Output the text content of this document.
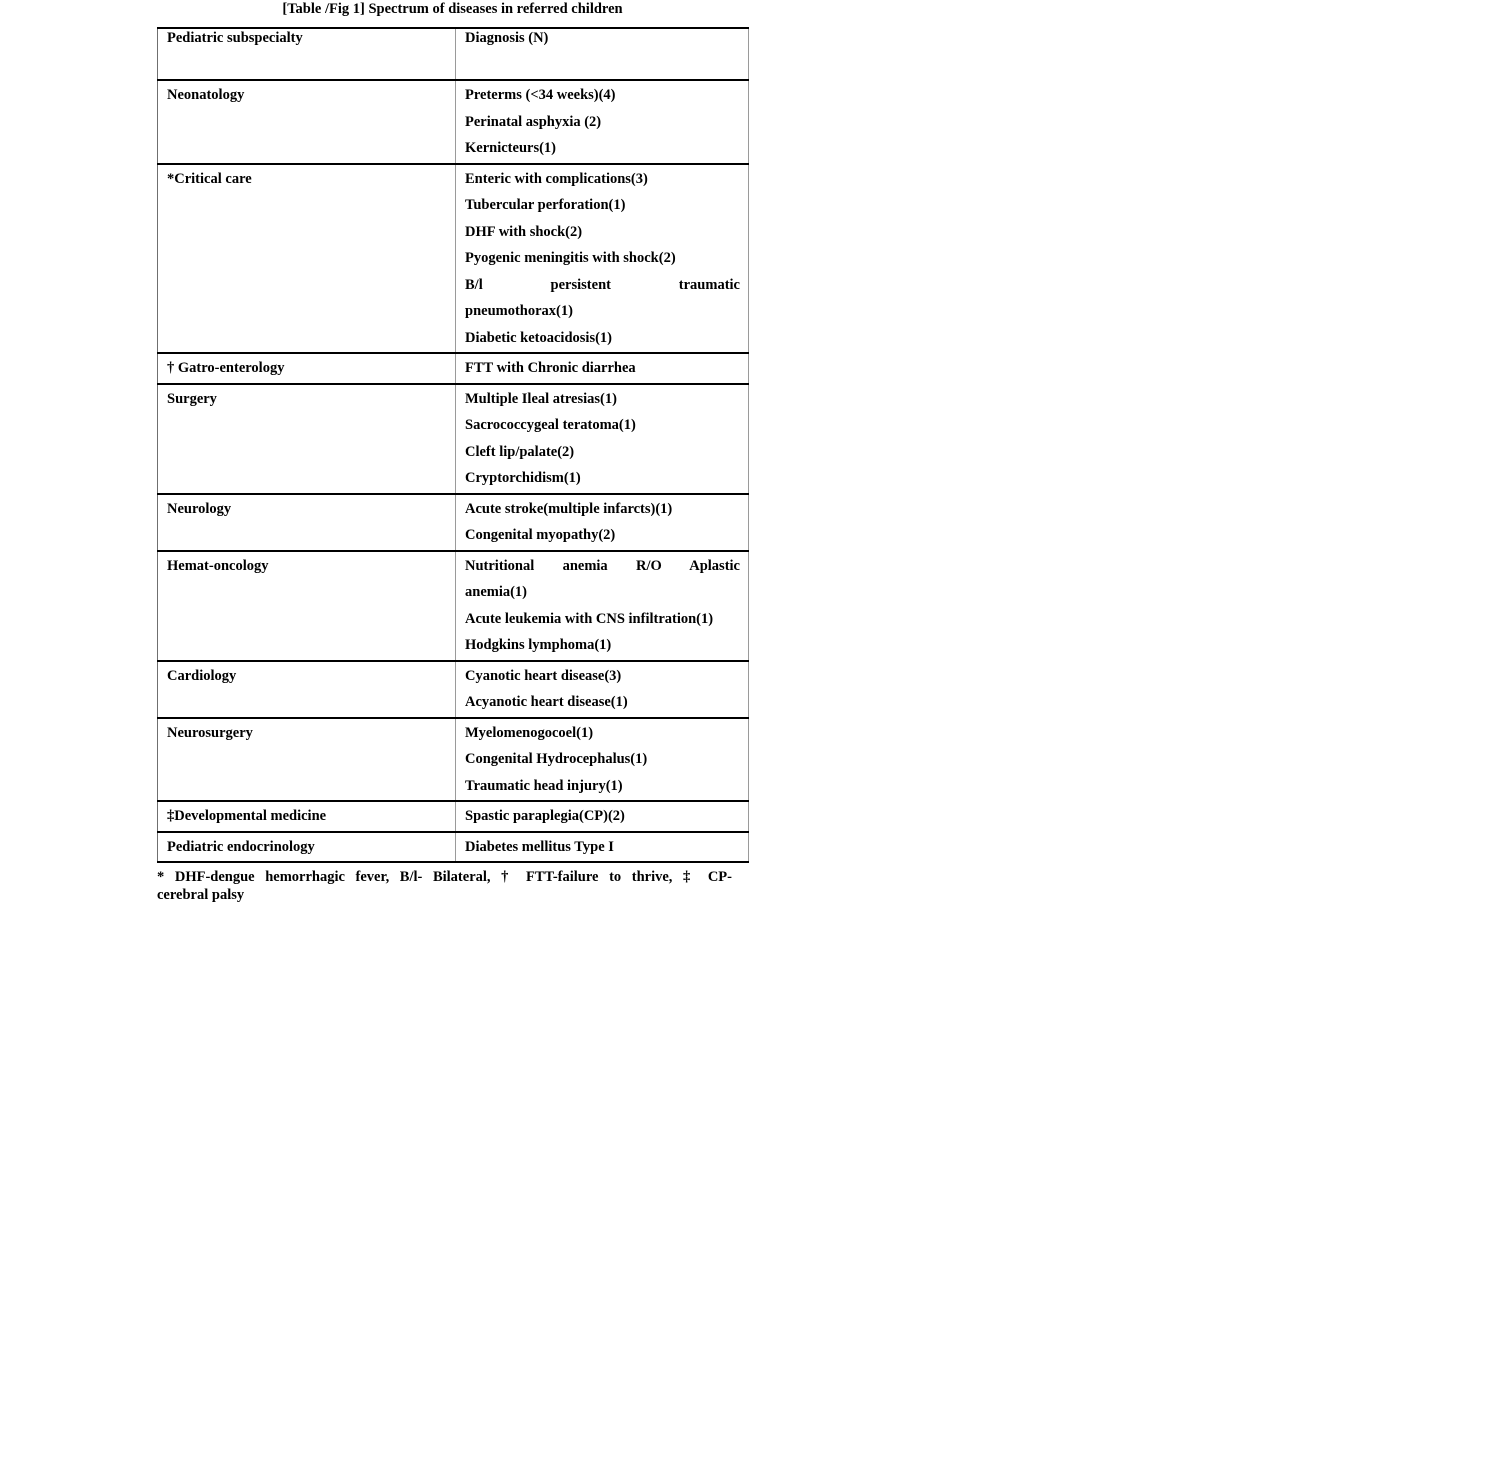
[Table /Fig 1] Spectrum of diseases in referred children
Pediatric subspecialty	Diagnosis (N)

Neonatology	Preterms (<34 weeks)(4)
Perinatal asphyxia (2)
Kernicteurs(1)

*Critical care	Enteric with complications(3)
Tubercular perforation(1)
DHF with shock(2)
Pyogenic meningitis with shock(2)
B/l persistent traumatic
pneumothorax(1)
Diabetic ketoacidosis(1)

† Gatro-enterology	FTT with Chronic diarrhea

Surgery	Multiple Ileal atresias(1)
Sacrococcygeal teratoma(1)
Cleft lip/palate(2)
Cryptorchidism(1)

Neurology	Acute stroke(multiple infarcts)(1)
Congenital myopathy(2)

Hemat-oncology	Nutritional anemia R/O Aplastic
anemia(1)
Acute leukemia with CNS infiltration(1)
Hodgkins lymphoma(1)

Cardiology	Cyanotic heart disease(3)
Acyanotic heart disease(1)

Neurosurgery	Myelomenogocoel(1)
Congenital Hydrocephalus(1)
Traumatic head injury(1)

‡Developmental medicine	Spastic paraplegia(CP)(2)

Pediatric endocrinology	Diabetes mellitus Type I
* DHF-dengue hemorrhagic fever, B/l- Bilateral, † FTT-failure to thrive, ‡ CP-
cerebral palsy
